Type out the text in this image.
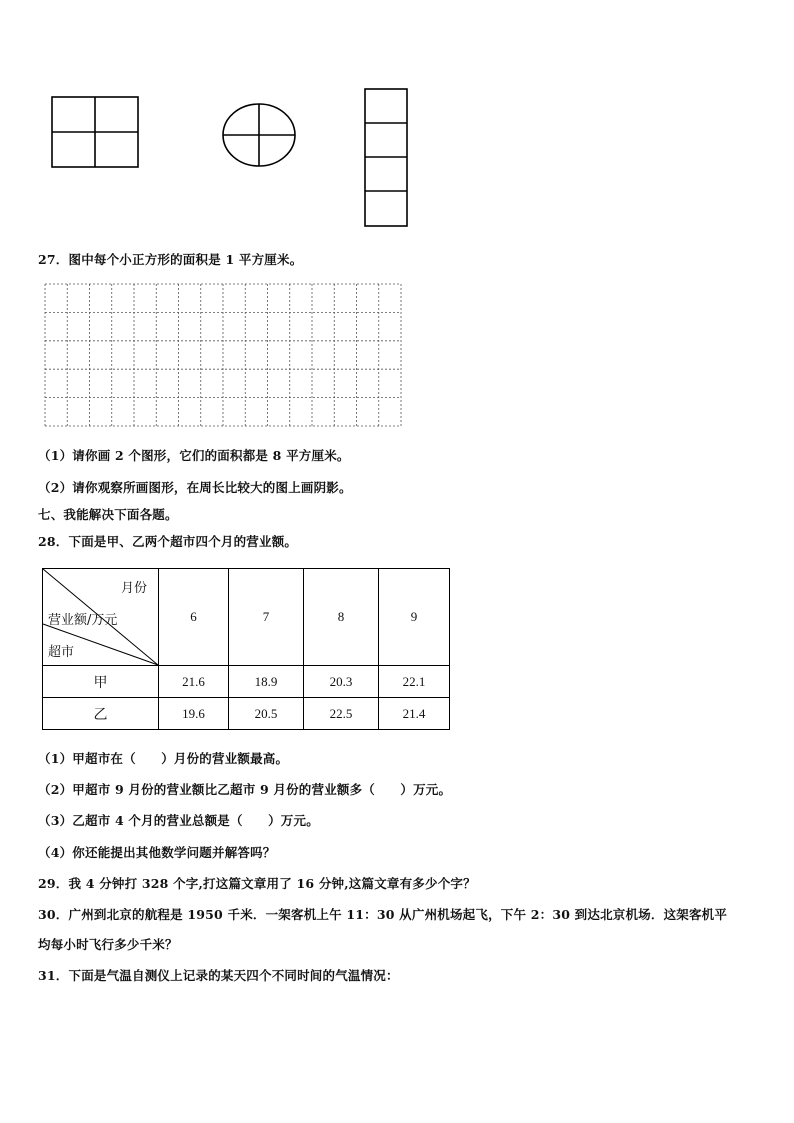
27．图中每个小正方形的面积是 1 平方厘米。
（1）请你画 2 个图形，它们的面积都是 8 平方厘米。
（2）请你观察所画图形，在周长比较大的图上画阴影。
七、我能解决下面各题。
28．下面是甲、乙两个超市四个月的营业额。
月份
营业额/万元
超市	6	7	8	9
甲	21.6	18.9	20.3	22.1
乙	19.6	20.5	22.5	21.4
（1）甲超市在（　　）月份的营业额最高。
（2）甲超市 9 月份的营业额比乙超市 9 月份的营业额多（　　）万元。
（3）乙超市 4 个月的营业总额是（　　）万元。
（4）你还能提出其他数学问题并解答吗？
29．我 4 分钟打 328 个字,打这篇文章用了 16 分钟,这篇文章有多少个字？
30．广州到北京的航程是 1950 千米．一架客机上午 11：30 从广州机场起飞，下午 2：30 到达北京机场．这架客机平
均每小时飞行多少千米？
31．下面是气温自测仪上记录的某天四个不同时间的气温情况：
